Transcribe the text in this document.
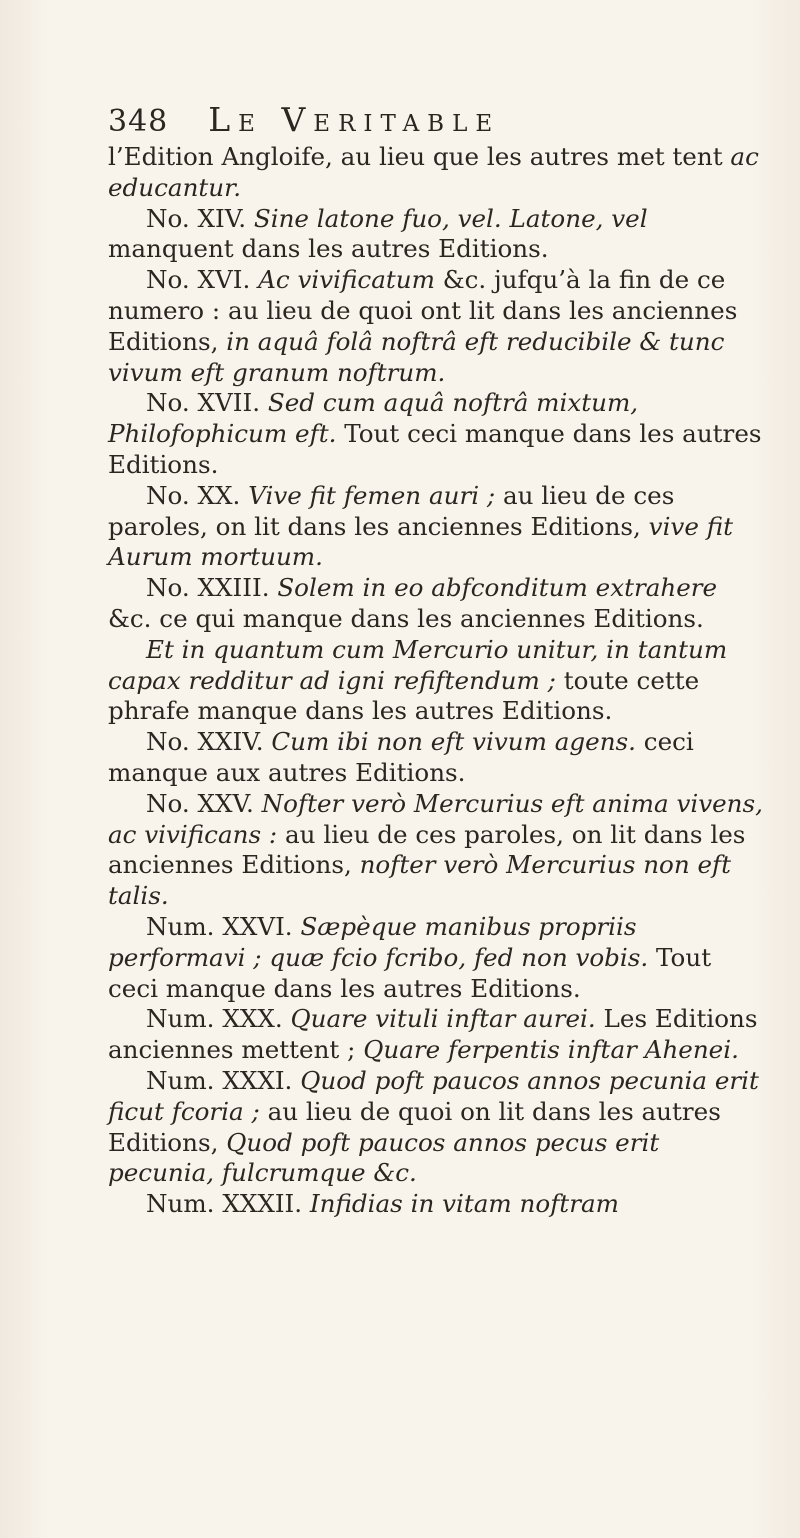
348 Le Veritable

l’Edition Angloife, au lieu que les autres met tent ac educantur.

No. XIV. Sine latone fuo, vel. Latone, vel manquent dans les autres Editions.

No. XVI. Ac vivificatum &c. jufqu’à la fin de ce numero : au lieu de quoi ont lit dans les anciennes Editions, in aquâ folâ noftrâ eft reducibile & tunc vivum eft granum noftrum.

No. XVII. Sed cum aquâ noftrâ mixtum, Philofophicum eft. Tout ceci manque dans les autres Editions.

No. XX. Vive fit femen auri ; au lieu de ces paroles, on lit dans les anciennes Editions, vive fit Aurum mortuum.

No. XXIII. Solem in eo abfconditum extrahere &c. ce qui manque dans les anciennes Editions.

Et in quantum cum Mercurio unitur, in tantum capax redditur ad igni refiftendum ; toute cette phrafe manque dans les autres Editions.

No. XXIV. Cum ibi non eft vivum agens. ceci manque aux autres Editions.

No. XXV. Nofter verò Mercurius eft anima vivens, ac vivificans : au lieu de ces paroles, on lit dans les anciennes Editions, nofter verò Mercurius non eft talis.

Num. XXVI. Sæpèque manibus propriis performavi ; quæ fcio fcribo, fed non vobis. Tout ceci manque dans les autres Editions.

Num. XXX. Quare vituli inftar aurei. Les Editions anciennes mettent ; Quare ferpentis inftar Ahenei.

Num. XXXI. Quod poft paucos annos pecunia erit ficut fcoria ; au lieu de quoi on lit dans les autres Editions, Quod poft paucos annos pecus erit pecunia, fulcrumque &c.

Num. XXXII. Infidias in vitam noftram
